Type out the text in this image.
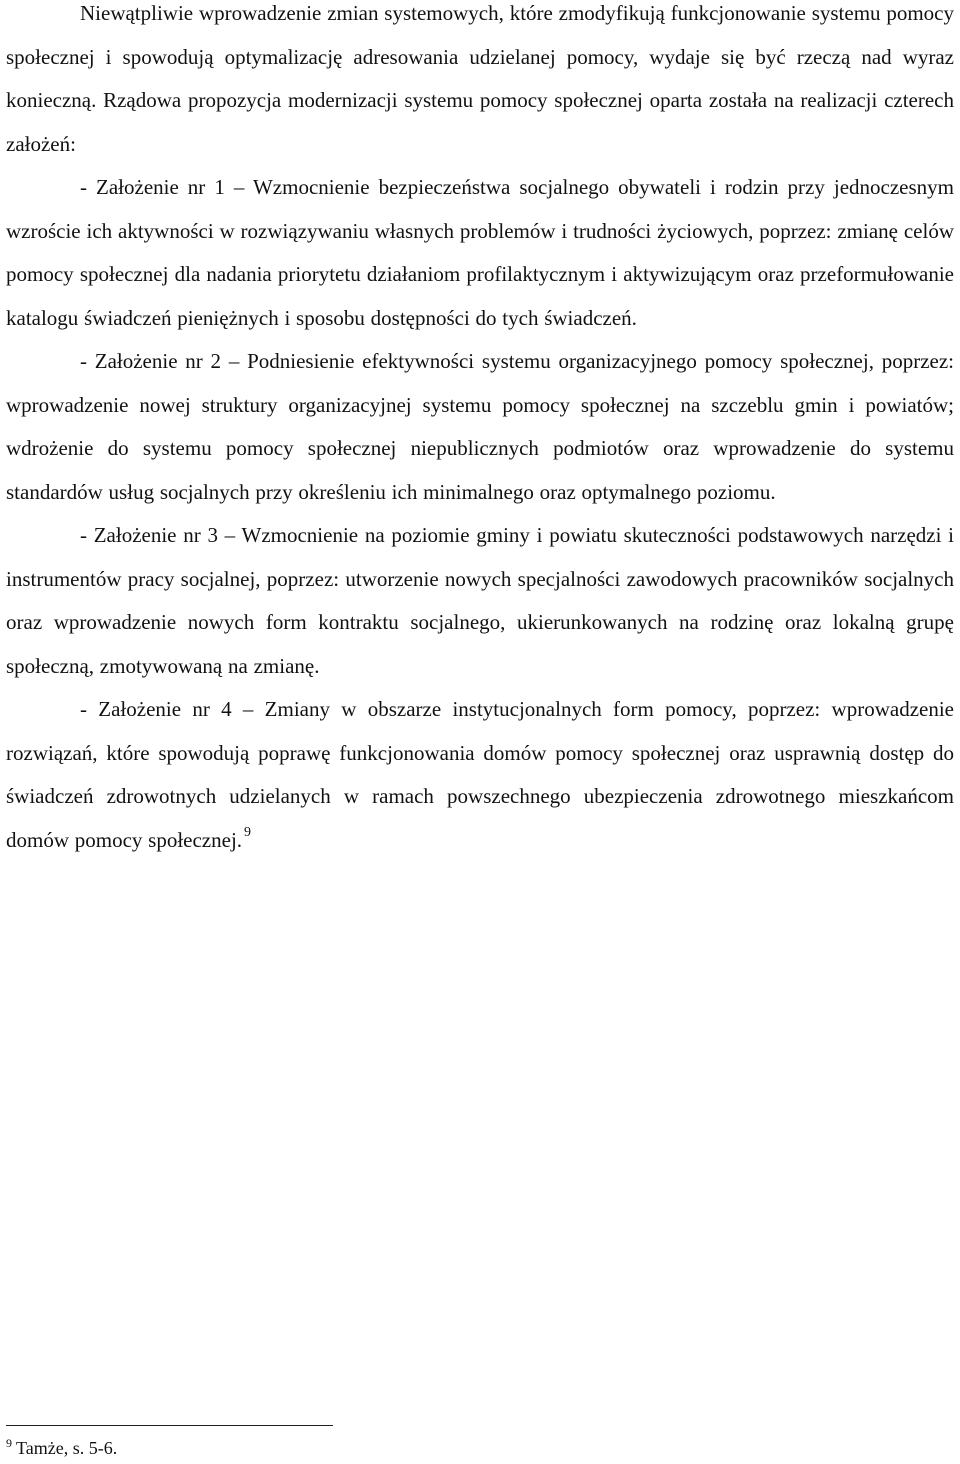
Niewątpliwie wprowadzenie zmian systemowych, które zmodyfikują funkcjonowanie systemu pomocy społecznej i spowodują optymalizację adresowania udzielanej pomocy, wydaje się być rzeczą nad wyraz konieczną. Rządowa propozycja modernizacji systemu pomocy społecznej oparta została na realizacji czterech założeń:

- Założenie nr 1 – Wzmocnienie bezpieczeństwa socjalnego obywateli i rodzin przy jednoczesnym wzroście ich aktywności w rozwiązywaniu własnych problemów i trudności życiowych, poprzez: zmianę celów pomocy społecznej dla nadania priorytetu działaniom profilaktycznym i aktywizującym oraz przeformułowanie katalogu świadczeń pieniężnych i sposobu dostępności do tych świadczeń.

- Założenie nr 2 – Podniesienie efektywności systemu organizacyjnego pomocy społecznej, poprzez: wprowadzenie nowej struktury organizacyjnej systemu pomocy społecznej na szczeblu gmin i powiatów; wdrożenie do systemu pomocy społecznej niepublicznych podmiotów oraz wprowadzenie do systemu standardów usług socjalnych przy określeniu ich minimalnego oraz optymalnego poziomu.

- Założenie nr 3 – Wzmocnienie na poziomie gminy i powiatu skuteczności podstawowych narzędzi i instrumentów pracy socjalnej, poprzez: utworzenie nowych specjalności zawodowych pracowników socjalnych oraz wprowadzenie nowych form kontraktu socjalnego, ukierunkowanych na rodzinę oraz lokalną grupę społeczną, zmotywowaną na zmianę.

- Założenie nr 4 – Zmiany w obszarze instytucjonalnych form pomocy, poprzez: wprowadzenie rozwiązań, które spowodują poprawę funkcjonowania domów pomocy społecznej oraz usprawnią dostęp do świadczeń zdrowotnych udzielanych w ramach powszechnego ubezpieczenia zdrowotnego mieszkańcom domów pomocy społecznej. $^9$

$^9$ Tamże, s. 5-6.
